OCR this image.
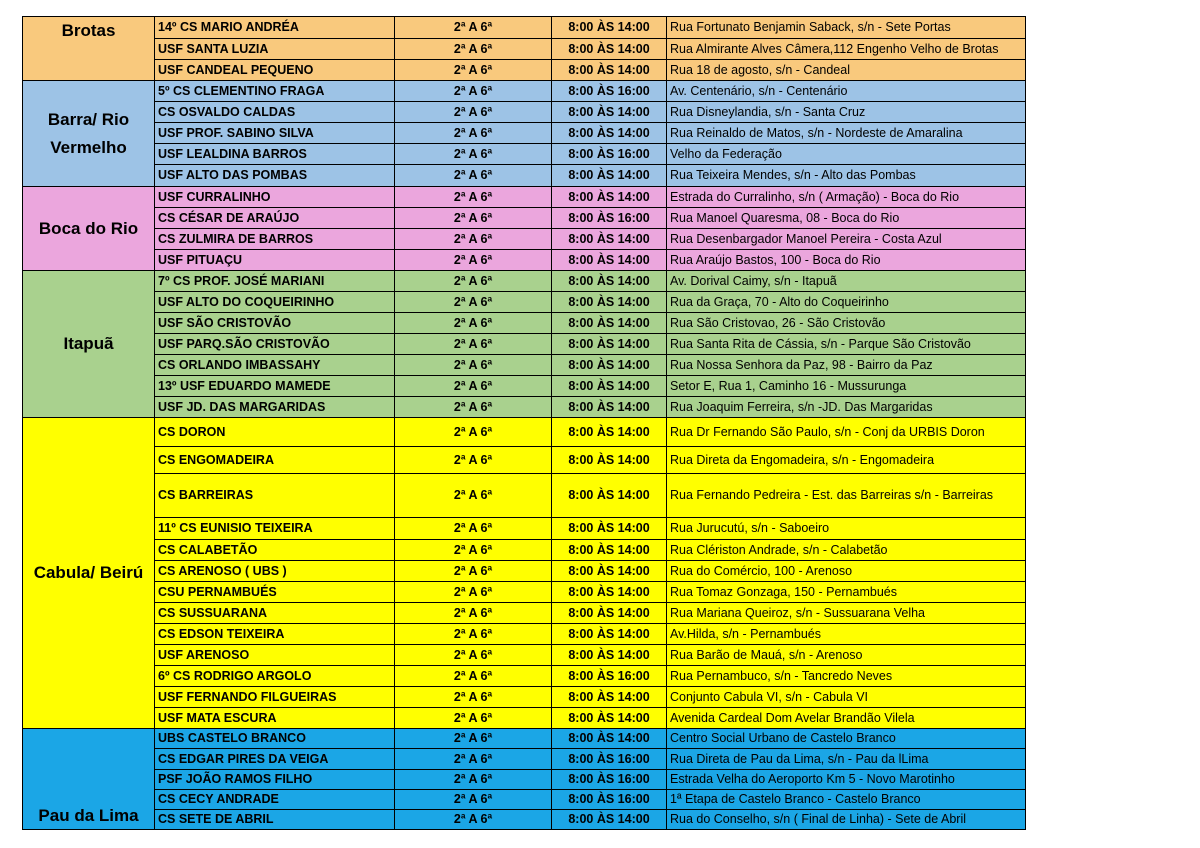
Brotas	14º CS MARIO ANDRÉA	2ª A 6ª	8:00 ÀS 14:00	Rua Fortunato Benjamin Saback, s/n - Sete Portas
	USF SANTA LUZIA	2ª A 6ª	8:00 ÀS 14:00	Rua Almirante Alves Câmera,112 Engenho Velho de Brotas
	USF CANDEAL PEQUENO	2ª A 6ª	8:00 ÀS 14:00	Rua 18 de agosto, s/n - Candeal
Barra/ Rio Vermelho	5º CS CLEMENTINO FRAGA	2ª A 6ª	8:00 ÀS 16:00	Av. Centenário, s/n - Centenário
	CS OSVALDO CALDAS	2ª A 6ª	8:00 ÀS 14:00	Rua Disneylandia, s/n - Santa Cruz
	USF PROF. SABINO SILVA	2ª A 6ª	8:00 ÀS 14:00	Rua Reinaldo de Matos, s/n - Nordeste de Amaralina
	USF LEALDINA BARROS	2ª A 6ª	8:00 ÀS 16:00	Velho da Federação
	USF ALTO DAS POMBAS	2ª A 6ª	8:00 ÀS 14:00	Rua Teixeira Mendes, s/n - Alto das Pombas
Boca do Rio	USF CURRALINHO	2ª A 6ª	8:00 ÀS 14:00	Estrada do Curralinho, s/n ( Armação) - Boca do Rio
	CS CÉSAR DE ARAÚJO	2ª A 6ª	8:00 ÀS 16:00	Rua Manoel Quaresma, 08 - Boca do Rio
	CS ZULMIRA DE BARROS	2ª A 6ª	8:00 ÀS 14:00	Rua Desenbargador Manoel Pereira - Costa Azul
	USF PITUAÇU	2ª A 6ª	8:00 ÀS 14:00	Rua Araújo Bastos, 100 - Boca do Rio
Itapuã	7º CS PROF. JOSÉ MARIANI	2ª A 6ª	8:00 ÀS 14:00	Av. Dorival Caimy, s/n - Itapuã
	USF ALTO DO COQUEIRINHO	2ª A 6ª	8:00 ÀS 14:00	Rua da Graça, 70 - Alto do Coqueirinho
	USF SÃO CRISTOVÃO	2ª A 6ª	8:00 ÀS 14:00	Rua São Cristovao, 26 - São Cristovão
	USF PARQ.SÃO CRISTOVÃO	2ª A 6ª	8:00 ÀS 14:00	Rua Santa Rita de Cássia, s/n - Parque São Cristovão
	CS ORLANDO IMBASSAHY	2ª A 6ª	8:00 ÀS 14:00	Rua Nossa Senhora da Paz, 98 - Bairro da Paz
	13º USF EDUARDO MAMEDE	2ª A 6ª	8:00 ÀS 14:00	Setor E, Rua 1, Caminho 16 - Mussurunga
	USF JD. DAS MARGARIDAS	2ª A 6ª	8:00 ÀS 14:00	Rua Joaquim Ferreira, s/n -JD. Das Margaridas
Cabula/ Beirú	CS DORON	2ª A 6ª	8:00 ÀS 14:00	Rua Dr Fernando São Paulo, s/n - Conj da URBIS Doron
	CS ENGOMADEIRA	2ª A 6ª	8:00 ÀS 14:00	Rua Direta da Engomadeira, s/n - Engomadeira
	CS BARREIRAS	2ª A 6ª	8:00 ÀS 14:00	Rua Fernando Pedreira - Est. das Barreiras s/n - Barreiras
	11º CS EUNISIO TEIXEIRA	2ª A 6ª	8:00 ÀS 14:00	Rua Jurucutú, s/n - Saboeiro
	CS CALABETÃO	2ª A 6ª	8:00 ÀS 14:00	Rua Clériston Andrade, s/n - Calabetão
	CS ARENOSO ( UBS )	2ª A 6ª	8:00 ÀS 14:00	Rua do Comércio, 100 - Arenoso
	CSU PERNAMBUÉS	2ª A 6ª	8:00 ÀS 14:00	Rua Tomaz Gonzaga, 150 - Pernambués
	CS SUSSUARANA	2ª A 6ª	8:00 ÀS 14:00	Rua Mariana Queiroz, s/n - Sussuarana Velha
	CS EDSON TEIXEIRA	2ª A 6ª	8:00 ÀS 14:00	Av.Hilda, s/n - Pernambués
	USF ARENOSO	2ª A 6ª	8:00 ÀS 14:00	Rua Barão de Mauá, s/n - Arenoso
	6º CS RODRIGO ARGOLO	2ª A 6ª	8:00 ÀS 16:00	Rua Pernambuco, s/n - Tancredo Neves
	USF FERNANDO FILGUEIRAS	2ª A 6ª	8:00 ÀS 14:00	Conjunto Cabula VI, s/n - Cabula VI
	USF MATA ESCURA	2ª A 6ª	8:00 ÀS 14:00	Avenida Cardeal Dom Avelar Brandão Vilela
Pau da Lima	UBS CASTELO BRANCO	2ª A 6ª	8:00 ÀS 14:00	Centro Social Urbano de Castelo Branco
	CS EDGAR PIRES DA VEIGA	2ª A 6ª	8:00 ÀS 16:00	Rua Direta de Pau da Lima, s/n - Pau da lLima
	PSF JOÃO RAMOS FILHO	2ª A 6ª	8:00 ÀS 16:00	Estrada Velha do Aeroporto Km 5 - Novo Marotinho
	CS CECY ANDRADE	2ª A 6ª	8:00 ÀS 16:00	1ª Etapa de Castelo Branco - Castelo Branco
	CS SETE DE ABRIL	2ª A 6ª	8:00 ÀS 14:00	Rua do Conselho, s/n ( Final de Linha) - Sete de Abril
